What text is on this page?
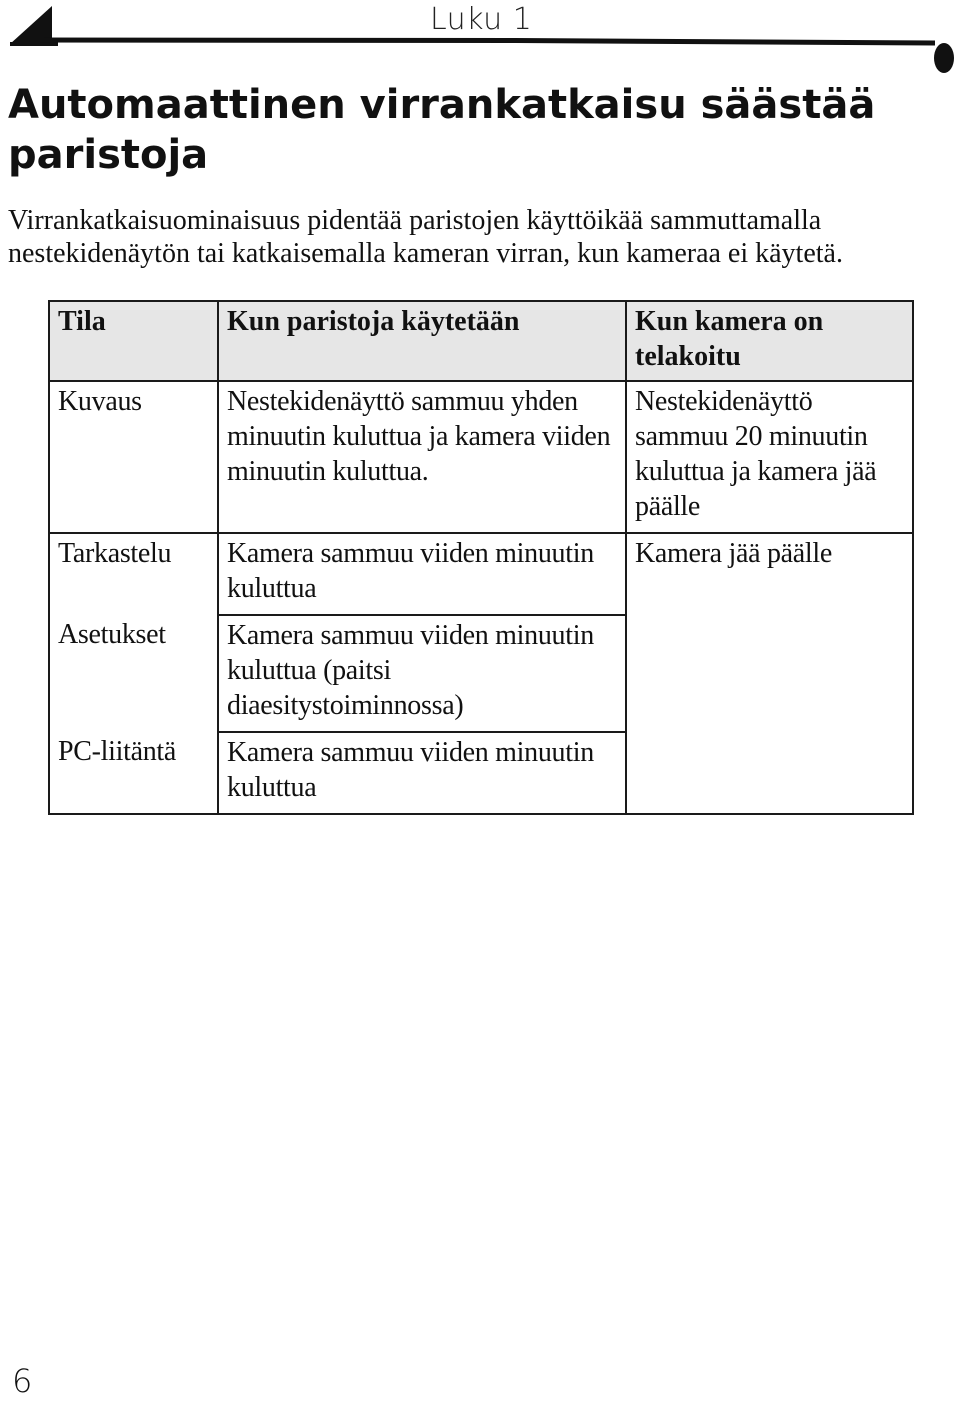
Luku 1
Automaattinen virrankatkaisu säästää paristoja

Virrankatkaisuominaisuus pidentää paristojen käyttöikää sammuttamalla nestekidenäytön tai katkaisemalla kameran virran, kun kameraa ei käytetä.

Tila	Kun paristoja käytetään	Kun kamera on telakoitu
Kuvaus	Nestekidenäyttö sammuu yhden minuutin kuluttua ja kamera viiden minuutin kuluttua.	Nestekidenäyttö sammuu 20 minuutin kuluttua ja kamera jää päälle
Tarkastelu	Kamera sammuu viiden minuutin kuluttua	Kamera jää päälle
Asetukset	Kamera sammuu viiden minuutin kuluttua (paitsi diaesitystoiminnossa)	
PC-liitäntä	Kamera sammuu viiden minuutin kuluttua	
6
